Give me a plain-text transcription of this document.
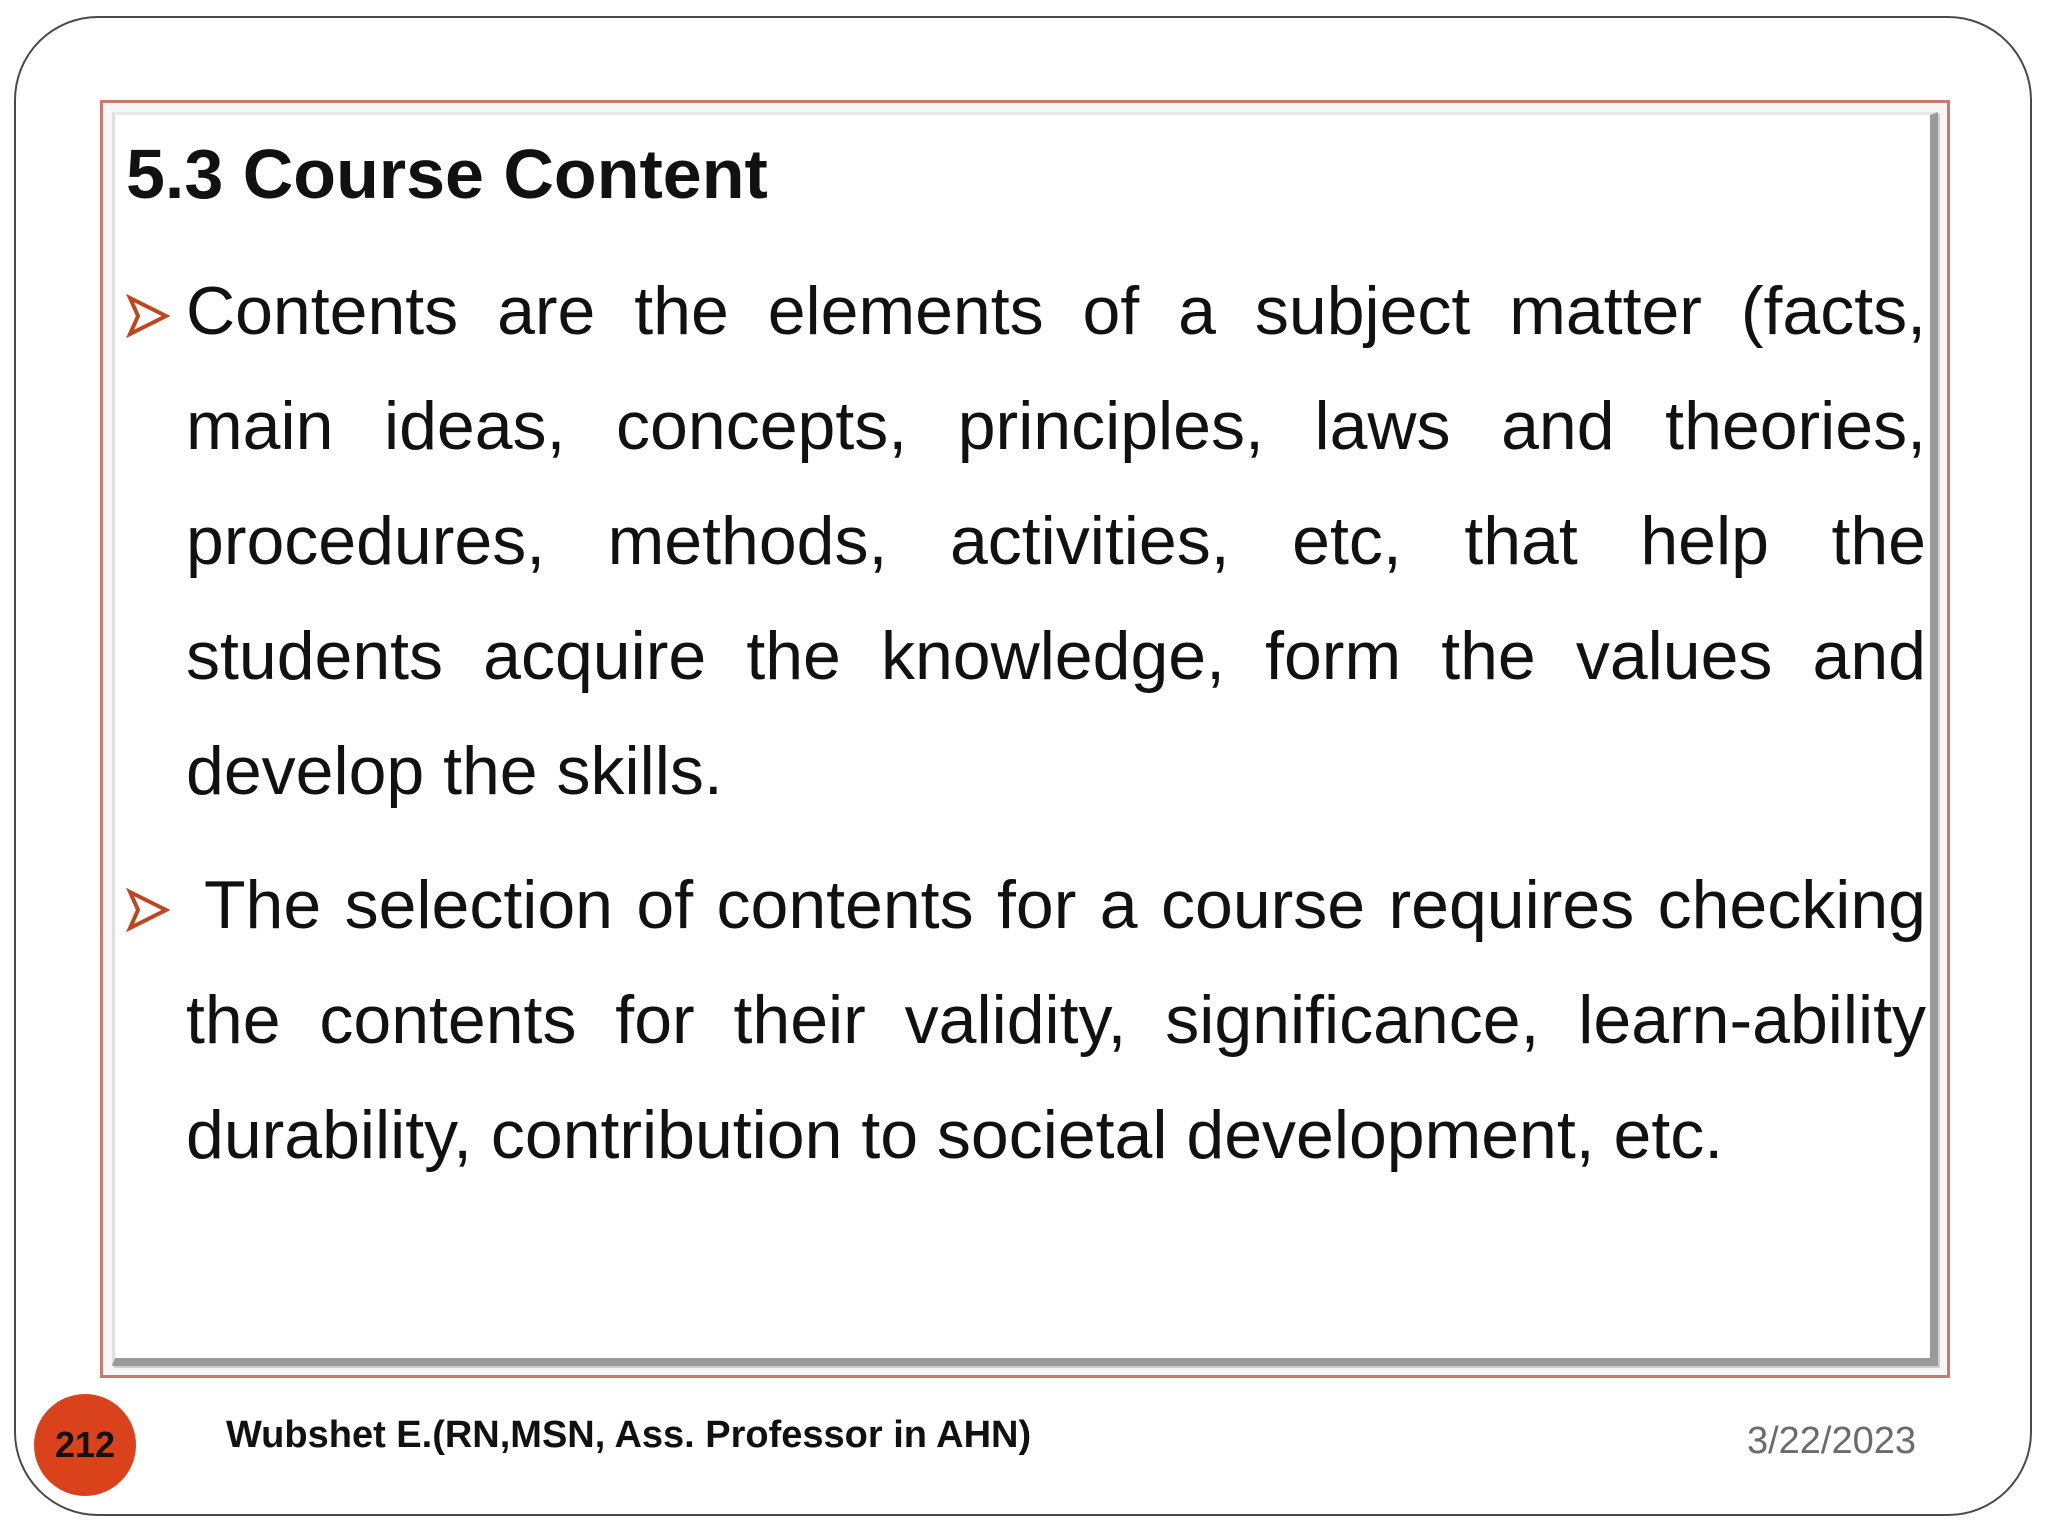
5.3 Course Content

Contents are the elements of a subject matter (facts, main ideas, concepts, principles, laws and theories, procedures, methods, activities, etc, that help the students acquire the knowledge, form the values and develop the skills.

The selection of contents for a course requires checking the contents for their validity, significance, learn-ability durability, contribution to societal development, etc.

212	Wubshet E.(RN,MSN, Ass. Professor in AHN)	3/22/2023
